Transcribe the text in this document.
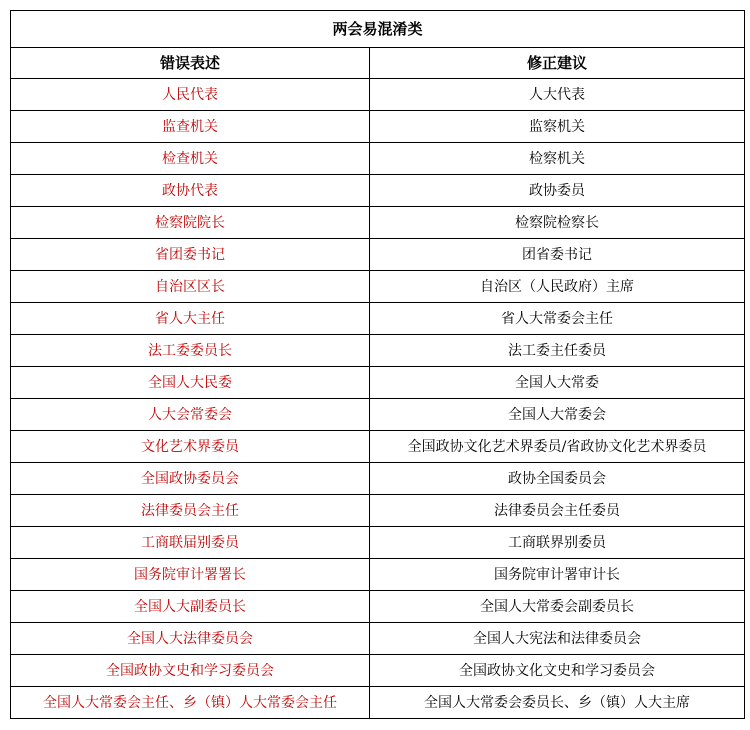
两会易混淆类	
错误表述	修正建议
人民代表	人大代表
监查机关	监察机关
检查机关	检察机关
政协代表	政协委员
检察院院长	检察院检察长
省团委书记	团省委书记
自治区区长	自治区（人民政府）主席
省人大主任	省人大常委会主任
法工委委员长	法工委主任委员
全国人大民委	全国人大常委
人大会常委会	全国人大常委会
文化艺术界委员	全国政协文化艺术界委员/省政协文化艺术界委员
全国政协委员会	政协全国委员会
法律委员会主任	法律委员会主任委员
工商联届别委员	工商联界别委员
国务院审计署署长	国务院审计署审计长
全国人大副委员长	全国人大常委会副委员长
全国人大法律委员会	全国人大宪法和法律委员会
全国政协文史和学习委员会	全国政协文化文史和学习委员会
全国人大常委会主任、乡（镇）人大常委会主任	全国人大常委会委员长、乡（镇）人大主席
